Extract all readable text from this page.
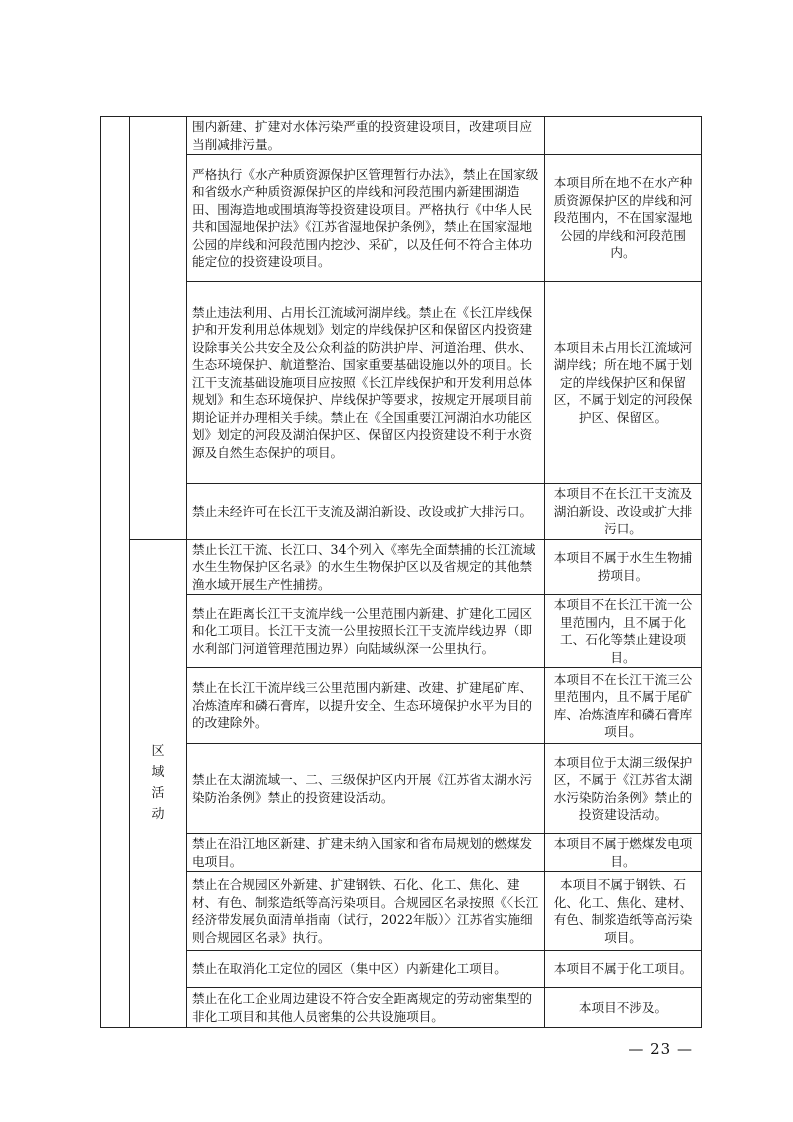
		围内新建、扩建对水体污染严重的投资建设项目，改建项目应当削减排污量。	
		严格执行《水产种质资源保护区管理暂行办法》，禁止在国家级和省级水产种质资源保护区的岸线和河段范围内新建围湖造田、围海造地或围填海等投资建设项目。严格执行《中华人民共和国湿地保护法》《江苏省湿地保护条例》，禁止在国家湿地公园的岸线和河段范围内挖沙、采矿，以及任何不符合主体功能定位的投资建设项目。	本项目所在地不在水产种质资源保护区的岸线和河段范围内，不在国家湿地公园的岸线和河段范围内。
		禁止违法利用、占用长江流域河湖岸线。禁止在《长江岸线保护和开发利用总体规划》划定的岸线保护区和保留区内投资建设除事关公共安全及公众利益的防洪护岸、河道治理、供水、生态环境保护、航道整治、国家重要基础设施以外的项目。长江干支流基础设施项目应按照《长江岸线保护和开发利用总体规划》和生态环境保护、岸线保护等要求，按规定开展项目前期论证并办理相关手续。禁止在《全国重要江河湖泊水功能区划》划定的河段及湖泊保护区、保留区内投资建设不利于水资源及自然生态保护的项目。	本项目未占用长江流域河湖岸线；所在地不属于划定的岸线保护区和保留区，不属于划定的河段保护区、保留区。
		禁止未经许可在长江干支流及湖泊新设、改设或扩大排污口。	本项目不在长江干支流及湖泊新设、改设或扩大排污口。
	区域活动	禁止长江干流、长江口、34个列入《率先全面禁捕的长江流域水生生物保护区名录》的水生生物保护区以及省规定的其他禁渔水域开展生产性捕捞。	本项目不属于水生生物捕捞项目。
		禁止在距离长江干支流岸线一公里范围内新建、扩建化工园区和化工项目。长江干支流一公里按照长江干支流岸线边界（即水利部门河道管理范围边界）向陆域纵深一公里执行。	本项目不在长江干流一公里范围内，且不属于化工、石化等禁止建设项目。
		禁止在长江干流岸线三公里范围内新建、改建、扩建尾矿库、冶炼渣库和磷石膏库，以提升安全、生态环境保护水平为目的的改建除外。	本项目不在长江干流三公里范围内，且不属于尾矿库、冶炼渣库和磷石膏库项目。
		禁止在太湖流域一、二、三级保护区内开展《江苏省太湖水污染防治条例》禁止的投资建设活动。	本项目位于太湖三级保护区，不属于《江苏省太湖水污染防治条例》禁止的投资建设活动。
		禁止在沿江地区新建、扩建未纳入国家和省布局规划的燃煤发电项目。	本项目不属于燃煤发电项目。
		禁止在合规园区外新建、扩建钢铁、石化、化工、焦化、建材、有色、制浆造纸等高污染项目。合规园区名录按照《〈长江经济带发展负面清单指南（试行，2022年版）〉江苏省实施细则合规园区名录》执行。	本项目不属于钢铁、石化、化工、焦化、建材、有色、制浆造纸等高污染项目。
		禁止在取消化工定位的园区（集中区）内新建化工项目。	本项目不属于化工项目。
		禁止在化工企业周边建设不符合安全距离规定的劳动密集型的非化工项目和其他人员密集的公共设施项目。	本项目不涉及。
— 23 —
